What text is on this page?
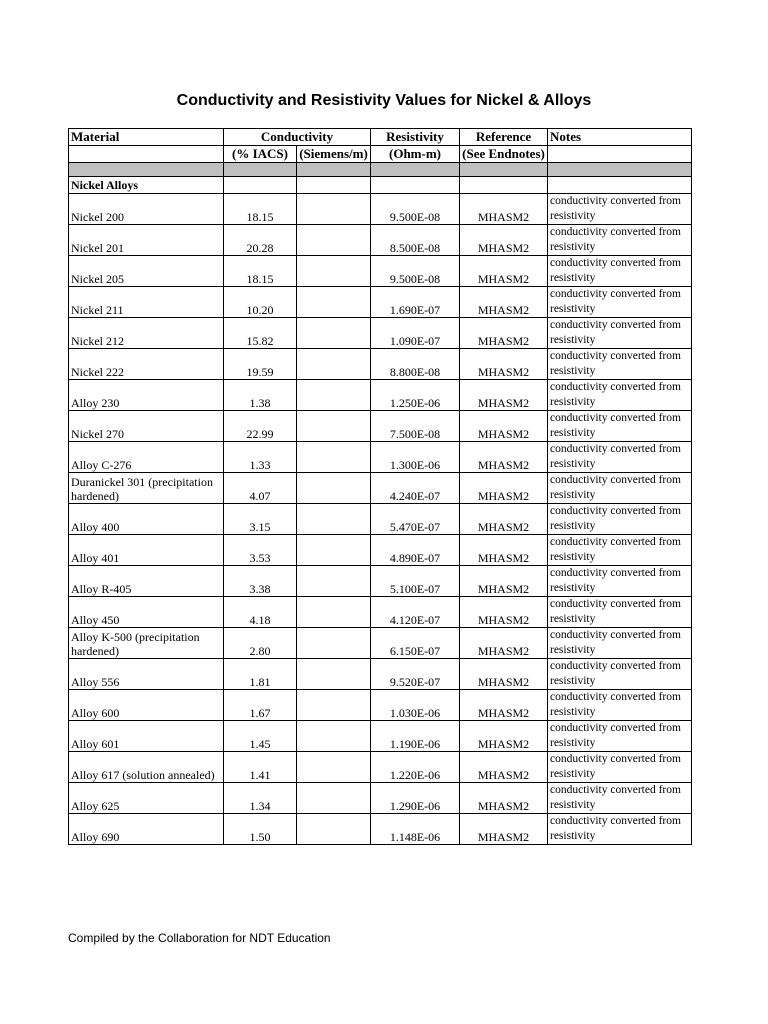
Conductivity and Resistivity Values for Nickel & Alloys
Material	Conductivity		Resistivity	Reference	Notes
	(% IACS)	(Siemens/m)	(Ohm-m)	(See Endnotes)	

Nickel Alloys					
Nickel 200	18.15		9.500E-08	MHASM2	conductivity converted from resistivity
Nickel 201	20.28		8.500E-08	MHASM2	conductivity converted from resistivity
Nickel 205	18.15		9.500E-08	MHASM2	conductivity converted from resistivity
Nickel 211	10.20		1.690E-07	MHASM2	conductivity converted from resistivity
Nickel 212	15.82		1.090E-07	MHASM2	conductivity converted from resistivity
Nickel 222	19.59		8.800E-08	MHASM2	conductivity converted from resistivity
Alloy 230	1.38		1.250E-06	MHASM2	conductivity converted from resistivity
Nickel 270	22.99		7.500E-08	MHASM2	conductivity converted from resistivity
Alloy C-276	1.33		1.300E-06	MHASM2	conductivity converted from resistivity
Duranickel 301 (precipitation hardened)	4.07		4.240E-07	MHASM2	conductivity converted from resistivity
Alloy 400	3.15		5.470E-07	MHASM2	conductivity converted from resistivity
Alloy 401	3.53		4.890E-07	MHASM2	conductivity converted from resistivity
Alloy R-405	3.38		5.100E-07	MHASM2	conductivity converted from resistivity
Alloy 450	4.18		4.120E-07	MHASM2	conductivity converted from resistivity
Alloy K-500 (precipitation hardened)	2.80		6.150E-07	MHASM2	conductivity converted from resistivity
Alloy 556	1.81		9.520E-07	MHASM2	conductivity converted from resistivity
Alloy 600	1.67		1.030E-06	MHASM2	conductivity converted from resistivity
Alloy 601	1.45		1.190E-06	MHASM2	conductivity converted from resistivity
Alloy 617 (solution annealed)	1.41		1.220E-06	MHASM2	conductivity converted from resistivity
Alloy 625	1.34		1.290E-06	MHASM2	conductivity converted from resistivity
Alloy 690	1.50		1.148E-06	MHASM2	conductivity converted from resistivity
Compiled by the Collaboration for NDT Education
